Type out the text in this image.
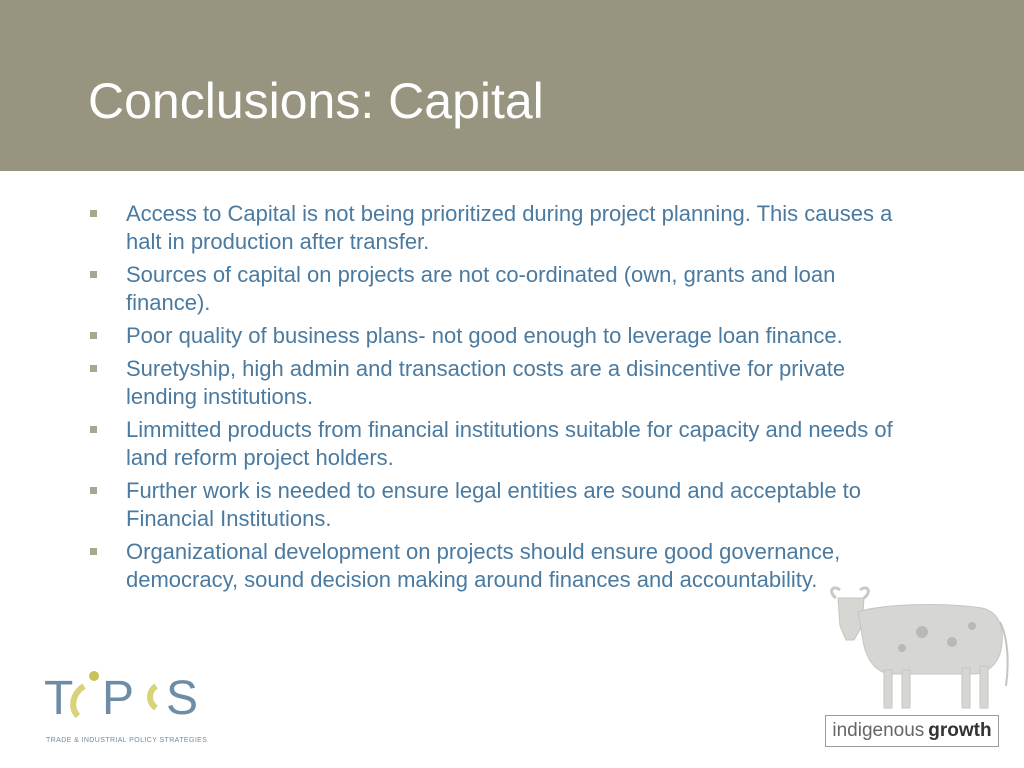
Conclusions: Capital
Access to Capital is not being prioritized during project planning. This causes a halt in production after transfer.
Sources of capital on projects are not co-ordinated (own, grants and loan finance).
Poor quality of business plans- not good enough to leverage loan finance.
Suretyship, high admin and transaction costs are a disincentive for private lending institutions.
Limmitted products from financial institutions suitable for capacity and needs of land reform project holders.
Further work is needed to ensure legal entities are sound and acceptable to Financial Institutions.
Organizational development on projects should ensure good governance, democracy, sound decision making around finances and accountability.
T P S
TRADE & INDUSTRIAL POLICY STRATEGIES	indigenous growth
